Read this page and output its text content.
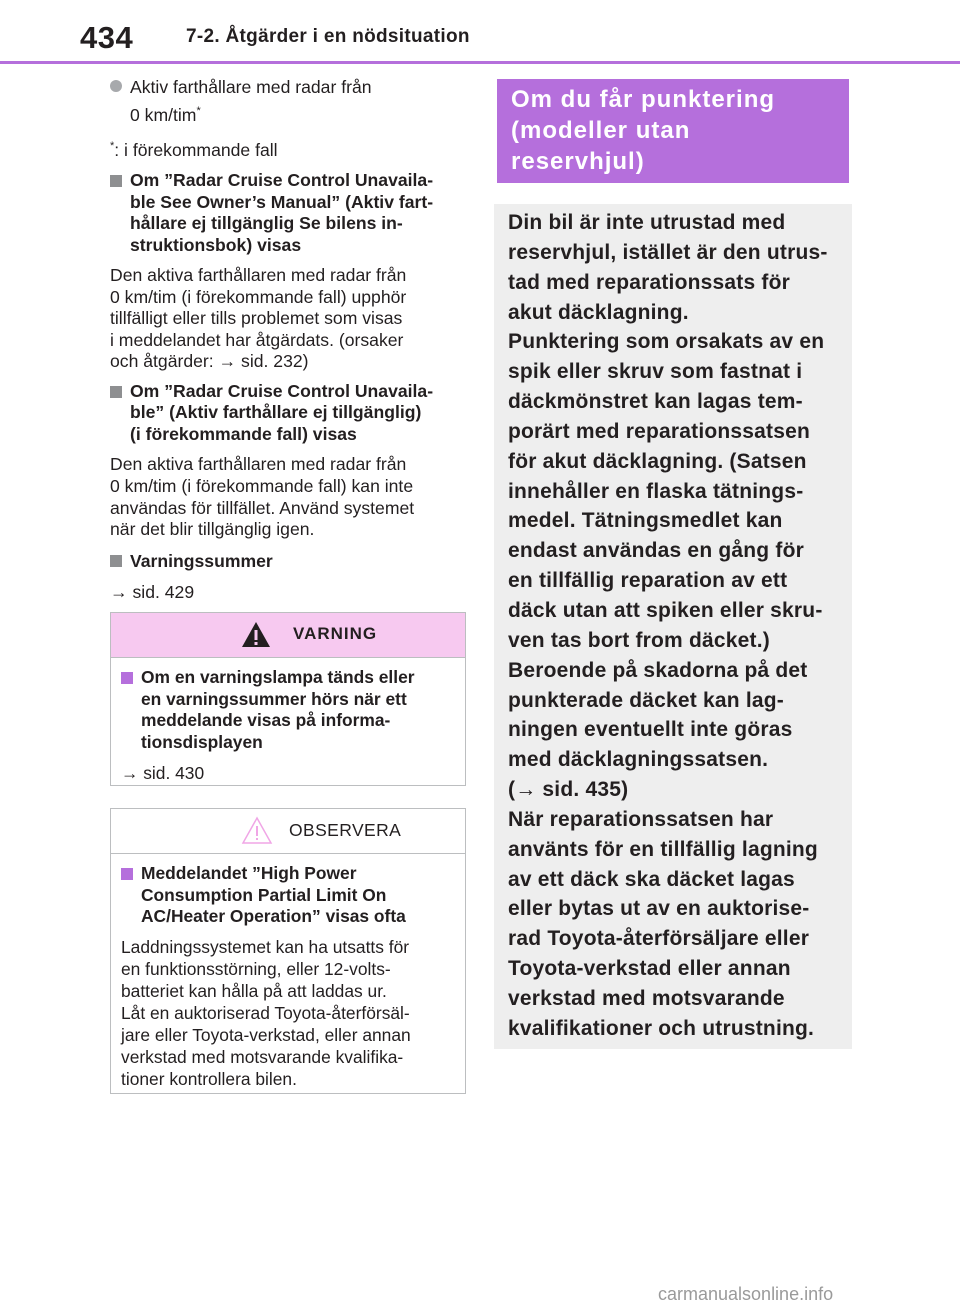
434	7-2. Åtgärder i en nödsituation
Aktiv farthållare med radar från
0 km/tim*
*: i förekommande fall
Om ”Radar Cruise Control Unavaila-
ble See Owner’s Manual” (Aktiv fart-
hållare ej tillgänglig Se bilens in-
struktionsbok) visas
Den aktiva farthållaren med radar från
0 km/tim (i förekommande fall) upphör
tillfälligt eller tills problemet som visas
i meddelandet har åtgärdats. (orsaker
och åtgärder: → sid. 232)
Om ”Radar Cruise Control Unavaila-
ble” (Aktiv farthållare ej tillgänglig)
(i förekommande fall) visas
Den aktiva farthållaren med radar från
0 km/tim (i förekommande fall) kan inte
användas för tillfället. Använd systemet
när det blir tillgänglig igen.
Varningssummer
→ sid. 429
VARNING
Om en varningslampa tänds eller
en varningssummer hörs när ett
meddelande visas på informa-
tionsdisplayen
→ sid. 430
OBSERVERA
Meddelandet ”High Power
Consumption Partial Limit On
AC/Heater Operation” visas ofta
Laddningssystemet kan ha utsatts för
en funktionsstörning, eller 12-volts-
batteriet kan hålla på att laddas ur.
Låt en auktoriserad Toyota-återförsäl-
jare eller Toyota-verkstad, eller annan
verkstad med motsvarande kvalifika-
tioner kontrollera bilen.
Om du får punktering
(modeller utan
reservhjul)
Din bil är inte utrustad med
reservhjul, istället är den utrus-
tad med reparationssats för
akut däcklagning.
Punktering som orsakats av en
spik eller skruv som fastnat i
däckmönstret kan lagas tem-
porärt med reparationssatsen
för akut däcklagning. (Satsen
innehåller en flaska tätnings-
medel. Tätningsmedlet kan
endast användas en gång för
en tillfällig reparation av ett
däck utan att spiken eller skru-
ven tas bort from däcket.)
Beroende på skadorna på det
punkterade däcket kan lag-
ningen eventuellt inte göras
med däcklagningssatsen.
(→ sid. 435)
När reparationssatsen har
använts för en tillfällig lagning
av ett däck ska däcket lagas
eller bytas ut av en auktorise-
rad Toyota-återförsäljare eller
Toyota-verkstad eller annan
verkstad med motsvarande
kvalifikationer och utrustning.
carmanualsonline.info
